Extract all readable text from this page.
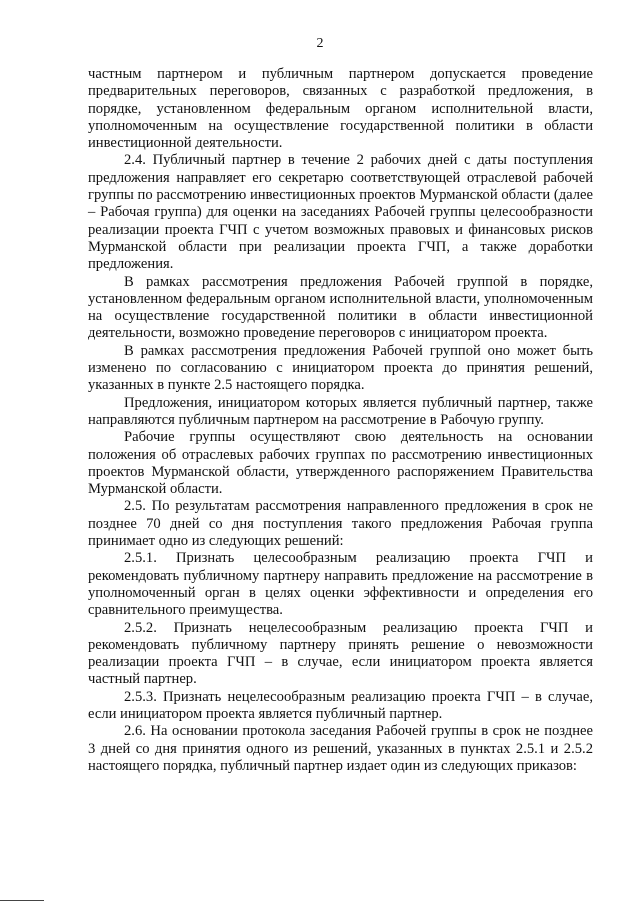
2

частным партнером и публичным партнером допускается проведение предварительных переговоров, связанных с разработкой предложения, в порядке, установленном федеральным органом исполнительной власти, уполномоченным на осуществление государственной политики в области инвестиционной деятельности.

2.4. Публичный партнер в течение 2 рабочих дней с даты поступления предложения направляет его секретарю соответствующей отраслевой рабочей группы по рассмотрению инвестиционных проектов Мурманской области (далее – Рабочая группа) для оценки на заседаниях Рабочей группы целесообразности реализации проекта ГЧП с учетом возможных правовых и финансовых рисков Мурманской области при реализации проекта ГЧП, а также доработки предложения.

В рамках рассмотрения предложения Рабочей группой в порядке, установленном федеральным органом исполнительной власти, уполномоченным на осуществление государственной политики в области инвестиционной деятельности, возможно проведение переговоров с инициатором проекта.

В рамках рассмотрения предложения Рабочей группой оно может быть изменено по согласованию с инициатором проекта до принятия решений, указанных в пункте 2.5 настоящего порядка.

Предложения, инициатором которых является публичный партнер, также направляются публичным партнером на рассмотрение в Рабочую группу.

Рабочие группы осуществляют свою деятельность на основании положения об отраслевых рабочих группах по рассмотрению инвестиционных проектов Мурманской области, утвержденного распоряжением Правительства Мурманской области.

2.5. По результатам рассмотрения направленного предложения в срок не позднее 70 дней со дня поступления такого предложения Рабочая группа принимает одно из следующих решений:

2.5.1. Признать целесообразным реализацию проекта ГЧП и рекомендовать публичному партнеру направить предложение на рассмотрение в уполномоченный орган в целях оценки эффективности и определения его сравнительного преимущества.

2.5.2. Признать нецелесообразным реализацию проекта ГЧП и рекомендовать публичному партнеру принять решение о невозможности реализации проекта ГЧП – в случае, если инициатором проекта является частный партнер.

2.5.3. Признать нецелесообразным реализацию проекта ГЧП – в случае, если инициатором проекта является публичный партнер.

2.6. На основании протокола заседания Рабочей группы в срок не позднее 3 дней со дня принятия одного из решений, указанных в пунктах 2.5.1 и 2.5.2 настоящего порядка, публичный партнер издает один из следующих приказов:
